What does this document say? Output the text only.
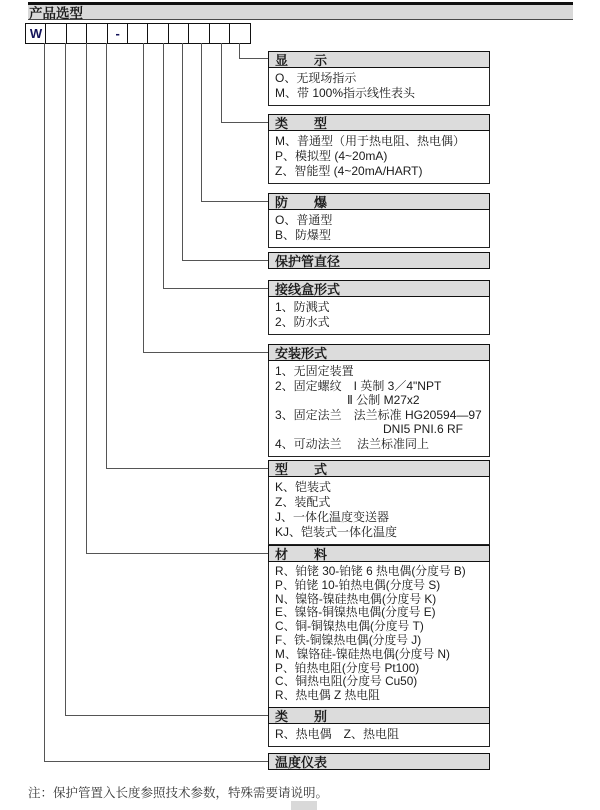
产品选型
W	-
显　　示
O、无现场指示
M、带 100%指示线性表头
类　　型
M、普通型（用于热电阻、热电偶）
P、模拟型 (4~20mA)
Z、智能型 (4~20mA/HART)
防　　爆
O、普通型
B、防爆型
保护管直径
接线盒形式
1、防溅式
2、防水式
安装形式
1、无固定装置
2、固定螺纹　I 英制 3／4"NPT
　　　　　　Ⅱ 公制 M27x2
3、固定法兰　法兰标准 HG20594—97
　　　　　　　　　DNI5 PNI.6 RF
4、可动法兰　 法兰标准同上
型　　式
K、铠装式
Z、装配式
J、一体化温度变送器
KJ、铠装式一体化温度
材　　料
R、铂铑 30-铂铑 6 热电偶(分度号 B)
P、铂铑 10-铂热电偶(分度号 S)
N、镍铬-镍硅热电偶(分度号 K)
E、镍铬-铜镍热电偶(分度号 E)
C、铜-铜镍热电偶(分度号 T)
F、铁-铜镍热电偶(分度号 J)
M、镍铬硅-镍硅热电偶(分度号 N)
P、铂热电阻(分度号 Pt100)
C、铜热电阻(分度号 Cu50)
R、热电偶 Z 热电阻
类　　别
R、热电偶　Z、热电阻
温度仪表
注：保护管置入长度参照技术参数，特殊需要请说明。
